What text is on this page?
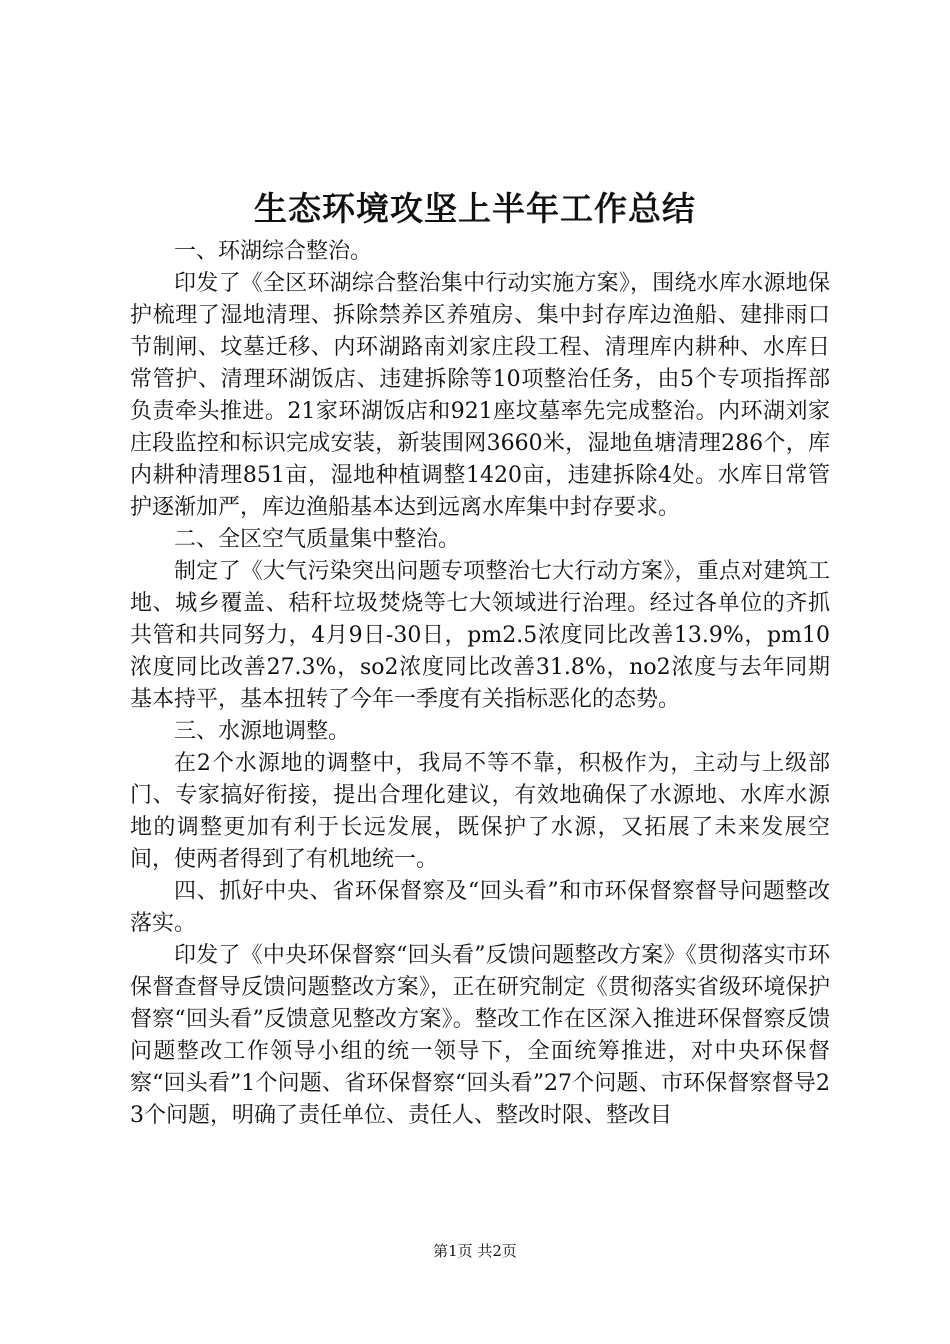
生态环境攻坚上半年工作总结

一、环湖综合整治。

印发了《全区环湖综合整治集中行动实施方案》，围绕水库水源地保护梳理了湿地清理、拆除禁养区养殖房、集中封存库边渔船、建排雨口节制闸、坟墓迁移、内环湖路南刘家庄段工程、清理库内耕种、水库日常管护、清理环湖饭店、违建拆除等10项整治任务，由5个专项指挥部负责牵头推进。21家环湖饭店和921座坟墓率先完成整治。内环湖刘家庄段监控和标识完成安装，新装围网3660米，湿地鱼塘清理286个，库内耕种清理851亩，湿地种植调整1420亩，违建拆除4处。水库日常管护逐渐加严，库边渔船基本达到远离水库集中封存要求。

二、全区空气质量集中整治。

制定了《大气污染突出问题专项整治七大行动方案》，重点对建筑工地、城乡覆盖、秸秆垃圾焚烧等七大领域进行治理。经过各单位的齐抓共管和共同努力，4月9日-30日，pm2.5浓度同比改善13.9%，pm10浓度同比改善27.3%，so2浓度同比改善31.8%，no2浓度与去年同期基本持平，基本扭转了今年一季度有关指标恶化的态势。

三、水源地调整。

在2个水源地的调整中，我局不等不靠，积极作为，主动与上级部门、专家搞好衔接，提出合理化建议，有效地确保了水源地、水库水源地的调整更加有利于长远发展，既保护了水源，又拓展了未来发展空间，使两者得到了有机地统一。

四、抓好中央、省环保督察及“回头看”和市环保督察督导问题整改落实。

印发了《中央环保督察“回头看”反馈问题整改方案》《贯彻落实市环保督查督导反馈问题整改方案》，正在研究制定《贯彻落实省级环境保护督察“回头看”反馈意见整改方案》。整改工作在区深入推进环保督察反馈问题整改工作领导小组的统一领导下，全面统筹推进，对中央环保督察“回头看”1个问题、省环保督察“回头看”27个问题、市环保督察督导23个问题，明确了责任单位、责任人、整改时限、整改目

第1页 共2页
